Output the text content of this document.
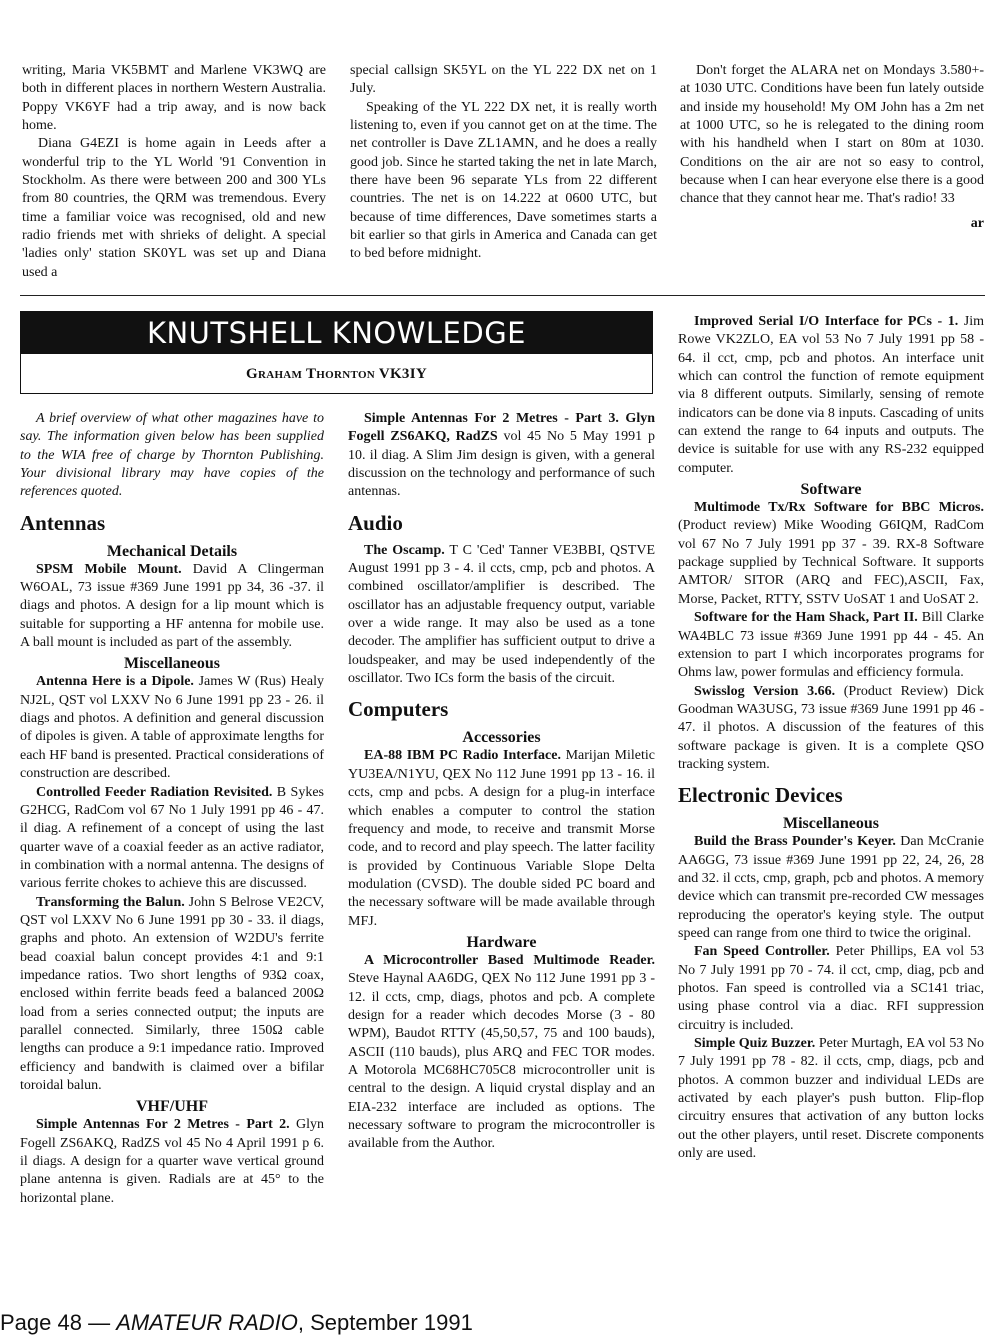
writing, Maria VK5BMT and Marlene VK3WQ are both in different places in northern Western Australia. Poppy VK6YF had a trip away, and is now back home.

Diana G4EZI is home again in Leeds after a wonderful trip to the YL World '91 Convention in Stockholm. As there were between 200 and 300 YLs from 80 countries, the QRM was tremendous. Every time a familiar voice was recognised, old and new radio friends met with shrieks of delight. A special 'ladies only' station SK0YL was set up and Diana used a

special callsign SK5YL on the YL 222 DX net on 1 July.

Speaking of the YL 222 DX net, it is really worth listening to, even if you cannot get on at the time. The net controller is Dave ZL1AMN, and he does a really good job. Since he started taking the net in late March, there have been 96 separate YLs from 22 different countries. The net is on 14.222 at 0600 UTC, but because of time differences, Dave sometimes starts a bit earlier so that girls in America and Canada can get to bed before midnight.

Don't forget the ALARA net on Mondays 3.580+- at 1030 UTC. Conditions have been fun lately outside and inside my household! My OM John has a 2m net at 1000 UTC, so he is relegated to the dining room with his handheld when I start on 80m at 1030. Conditions on the air are not so easy to control, because when I can hear everyone else there is a good chance that they cannot hear me. That's radio! 33

ar
KNUTSHELL KNOWLEDGE
Graham Thornton VK3IY

A brief overview of what other magazines have to say. The information given below has been supplied to the WIA free of charge by Thornton Publishing. Your divisional library may have copies of the references quoted.

Antennas
Mechanical Details

SPSM Mobile Mount. David A Clingerman W6OAL, 73 issue #369 June 1991 pp 34, 36 -37. il diags and photos. A design for a lip mount which is suitable for supporting a HF antenna for mobile use. A ball mount is included as part of the assembly.

Miscellaneous

Antenna Here is a Dipole. James W (Rus) Healy NJ2L, QST vol LXXV No 6 June 1991 pp 23 - 26. il diags and photos. A definition and general discussion of dipoles is given. A table of approximate lengths for each HF band is presented. Practical considerations of construction are described.

Controlled Feeder Radiation Revisited. B Sykes G2HCG, RadCom vol 67 No 1 July 1991 pp 46 - 47. il diag. A refinement of a concept of using the last quarter wave of a coaxial feeder as an active radiator, in combination with a normal antenna. The designs of various ferrite chokes to achieve this are discussed.

Transforming the Balun. John S Belrose VE2CV, QST vol LXXV No 6 June 1991 pp 30 - 33. il diags, graphs and photo. An extension of W2DU's ferrite bead coaxial balun concept provides 4:1 and 9:1 impedance ratios. Two short lengths of 93Ω coax, enclosed within ferrite beads feed a balanced 200Ω load from a series connected output; the inputs are parallel connected. Similarly, three 150Ω cable lengths can produce a 9:1 impedance ratio. Improved efficiency and bandwith is claimed over a bifilar toroidal balun.

VHF/UHF

Simple Antennas For 2 Metres - Part 2. Glyn Fogell ZS6AKQ, RadZS vol 45 No 4 April 1991 p 6. il diags. A design for a quarter wave vertical ground plane antenna is given. Radials are at 45° to the horizontal plane.

Simple Antennas For 2 Metres - Part 3. Glyn Fogell ZS6AKQ, RadZS vol 45 No 5 May 1991 p 10. il diag. A Slim Jim design is given, with a general discussion on the technology and performance of such antennas.

Audio

The Oscamp. T C 'Ced' Tanner VE3BBI, QSTVE August 1991 pp 3 - 4. il ccts, cmp, pcb and photos. A combined oscillator/amplifier is described. The oscillator has an adjustable frequency output, variable over a wide range. It may also be used as a tone decoder. The amplifier has sufficient output to drive a loudspeaker, and may be used independently of the oscillator. Two ICs form the basis of the circuit.

Computers
Accessories

EA-88 IBM PC Radio Interface. Marijan Miletic YU3EA/N1YU, QEX No 112 June 1991 pp 13 - 16. il ccts, cmp and pcbs. A design for a plug-in interface which enables a computer to control the station frequency and mode, to receive and transmit Morse code, and to record and play speech. The latter facility is provided by Continuous Variable Slope Delta modulation (CVSD). The double sided PC board and the necessary software will be made available through MFJ.

Hardware

A Microcontroller Based Multimode Reader. Steve Haynal AA6DG, QEX No 112 June 1991 pp 3 - 12. il ccts, cmp, diags, photos and pcb. A complete design for a reader which decodes Morse (3 - 80 WPM), Baudot RTTY (45,50,57, 75 and 100 bauds), ASCII (110 bauds), plus ARQ and FEC TOR modes. A Motorola MC68HC705C8 microcontroller unit is central to the design. A liquid crystal display and an EIA-232 interface are included as options. The necessary software to program the microcontroller is available from the Author.

Improved Serial I/O Interface for PCs - 1. Jim Rowe VK2ZLO, EA vol 53 No 7 July 1991 pp 58 - 64. il cct, cmp, pcb and photos. An interface unit which can control the function of remote equipment via 8 different outputs. Similarly, sensing of remote indicators can be done via 8 inputs. Cascading of units can extend the range to 64 inputs and outputs. The device is suitable for use with any RS-232 equipped computer.

Software

Multimode Tx/Rx Software for BBC Micros. (Product review) Mike Wooding G6IQM, RadCom vol 67 No 7 July 1991 pp 37 - 39. RX-8 Software package supplied by Technical Software. It supports AMTOR/ SITOR (ARQ and FEC),ASCII, Fax, Morse, Packet, RTTY, SSTV UoSAT 1 and UoSAT 2.

Software for the Ham Shack, Part II. Bill Clarke WA4BLC 73 issue #369 June 1991 pp 44 - 45. An extension to part I which incorporates programs for Ohms law, power formulas and efficiency formula.

Swisslog Version 3.66. (Product Review) Dick Goodman WA3USG, 73 issue #369 June 1991 pp 46 - 47. il photos. A discussion of the features of this software package is given. It is a complete QSO tracking system.

Electronic Devices
Miscellaneous

Build the Brass Pounder's Keyer. Dan McCranie AA6GG, 73 issue #369 June 1991 pp 22, 24, 26, 28 and 32. il ccts, cmp, graph, pcb and photos. A memory device which can transmit pre-recorded CW messages reproducing the operator's keying style. The output speed can range from one third to twice the original.

Fan Speed Controller. Peter Phillips, EA vol 53 No 7 July 1991 pp 70 - 74. il cct, cmp, diag, pcb and photos. Fan speed is controlled via a SC141 triac, using phase control via a diac. RFI suppression circuitry is included.

Simple Quiz Buzzer. Peter Murtagh, EA vol 53 No 7 July 1991 pp 78 - 82. il ccts, cmp, diags, pcb and photos. A common buzzer and individual LEDs are activated by each player's push button. Flip-flop circuitry ensures that activation of any button locks out the other players, until reset. Discrete components only are used.

Page 48 — AMATEUR RADIO, September 1991
